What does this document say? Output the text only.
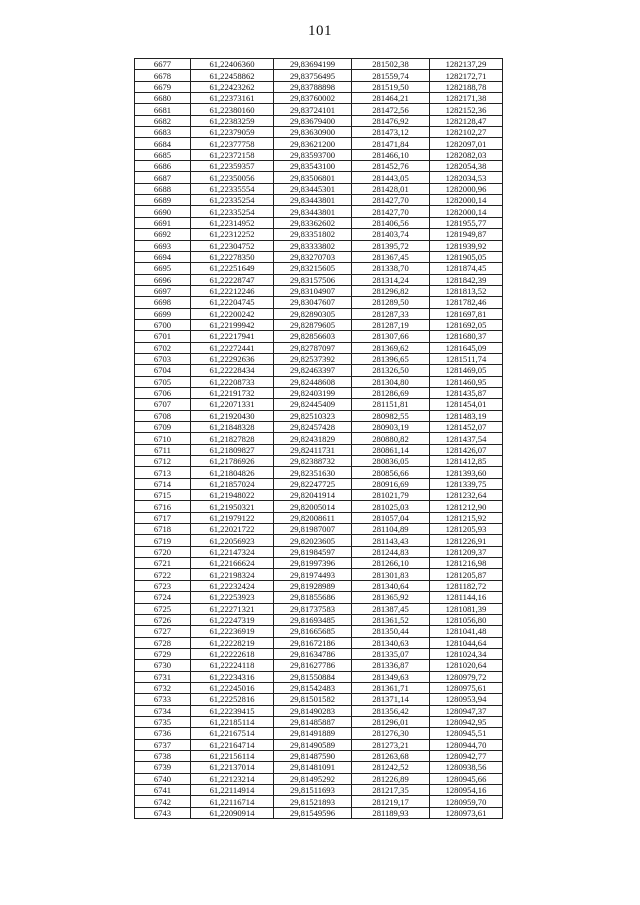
101
6677	61,22406360	29,83694199	281502,38	1282137,29
6678	61,22458862	29,83756495	281559,74	1282172,71
6679	61,22423262	29,83788898	281519,50	1282188,78
6680	61,22373161	29,83760002	281464,21	1282171,38
6681	61,22380160	29,83724101	281472,56	1282152,36
6682	61,22383259	29,83679400	281476,92	1282128,47
6683	61,22379059	29,83630900	281473,12	1282102,27
6684	61,22377758	29,83621200	281471,84	1282097,01
6685	61,22372158	29,83593700	281466,10	1282082,03
6686	61,22359357	29,83543100	281452,76	1282054,38
6687	61,22350056	29,83506801	281443,05	1282034,53
6688	61,22335554	29,83445301	281428,01	1282000,96
6689	61,22335254	29,83443801	281427,70	1282000,14
6690	61,22335254	29,83443801	281427,70	1282000,14
6691	61,22314952	29,83362602	281406,56	1281955,77
6692	61,22312252	29,83351802	281403,74	1281949,87
6693	61,22304752	29,83333802	281395,72	1281939,92
6694	61,22278350	29,83270703	281367,45	1281905,05
6695	61,22251649	29,83215605	281338,70	1281874,45
6696	61,22228747	29,83157506	281314,24	1281842,39
6697	61,22212246	29,83104907	281296,82	1281813,52
6698	61,22204745	29,83047607	281289,50	1281782,46
6699	61,22200242	29,82890305	281287,33	1281697,81
6700	61,22199942	29,82879605	281287,19	1281692,05
6701	61,22217941	29,82856603	281307,66	1281680,37
6702	61,22272441	29,82787097	281369,62	1281645,09
6703	61,22292636	29,82537392	281396,65	1281511,74
6704	61,22228434	29,82463397	281326,50	1281469,05
6705	61,22208733	29,82448608	281304,80	1281460,95
6706	61,22191732	29,82403199	281286,69	1281435,87
6707	61,22071331	29,82445409	281151,81	1281454,01
6708	61,21920430	29,82510323	280982,55	1281483,19
6709	61,21848328	29,82457428	280903,19	1281452,07
6710	61,21827828	29,82431829	280880,82	1281437,54
6711	61,21809827	29,82411731	280861,14	1281426,07
6712	61,21786926	29,82388732	280836,05	1281412,85
6713	61,21804826	29,82351630	280856,66	1281393,60
6714	61,21857024	29,82247725	280916,69	1281339,75
6715	61,21948022	29,82041914	281021,79	1281232,64
6716	61,21950321	29,82005014	281025,03	1281212,90
6717	61,21979122	29,82008611	281057,04	1281215,92
6718	61,22021722	29,81987007	281104,89	1281205,93
6719	61,22056923	29,82023605	281143,43	1281226,91
6720	61,22147324	29,81984597	281244,83	1281209,37
6721	61,22166624	29,81997396	281266,10	1281216,98
6722	61,22198324	29,81974493	281301,83	1281205,87
6723	61,22232424	29,81928989	281340,64	1281182,72
6724	61,22253923	29,81855686	281365,92	1281144,16
6725	61,22271321	29,81737583	281387,45	1281081,39
6726	61,22247319	29,81693485	281361,52	1281056,80
6727	61,22236919	29,81665685	281350,44	1281041,48
6728	61,22228219	29,81672186	281340,63	1281044,64
6729	61,22222618	29,81634786	281335,07	1281024,34
6730	61,22224118	29,81627786	281336,87	1281020,64
6731	61,22234316	29,81550884	281349,63	1280979,72
6732	61,22245016	29,81542483	281361,71	1280975,61
6733	61,22252816	29,81501582	281371,14	1280953,94
6734	61,22239415	29,81490283	281356,42	1280947,37
6735	61,22185114	29,81485887	281296,01	1280942,95
6736	61,22167514	29,81491889	281276,30	1280945,51
6737	61,22164714	29,81490589	281273,21	1280944,70
6738	61,22156114	29,81487590	281263,68	1280942,77
6739	61,22137014	29,81481091	281242,52	1280938,56
6740	61,22123214	29,81495292	281226,89	1280945,66
6741	61,22114914	29,81511693	281217,35	1280954,16
6742	61,22116714	29,81521893	281219,17	1280959,70
6743	61,22090914	29,81549596	281189,93	1280973,61
